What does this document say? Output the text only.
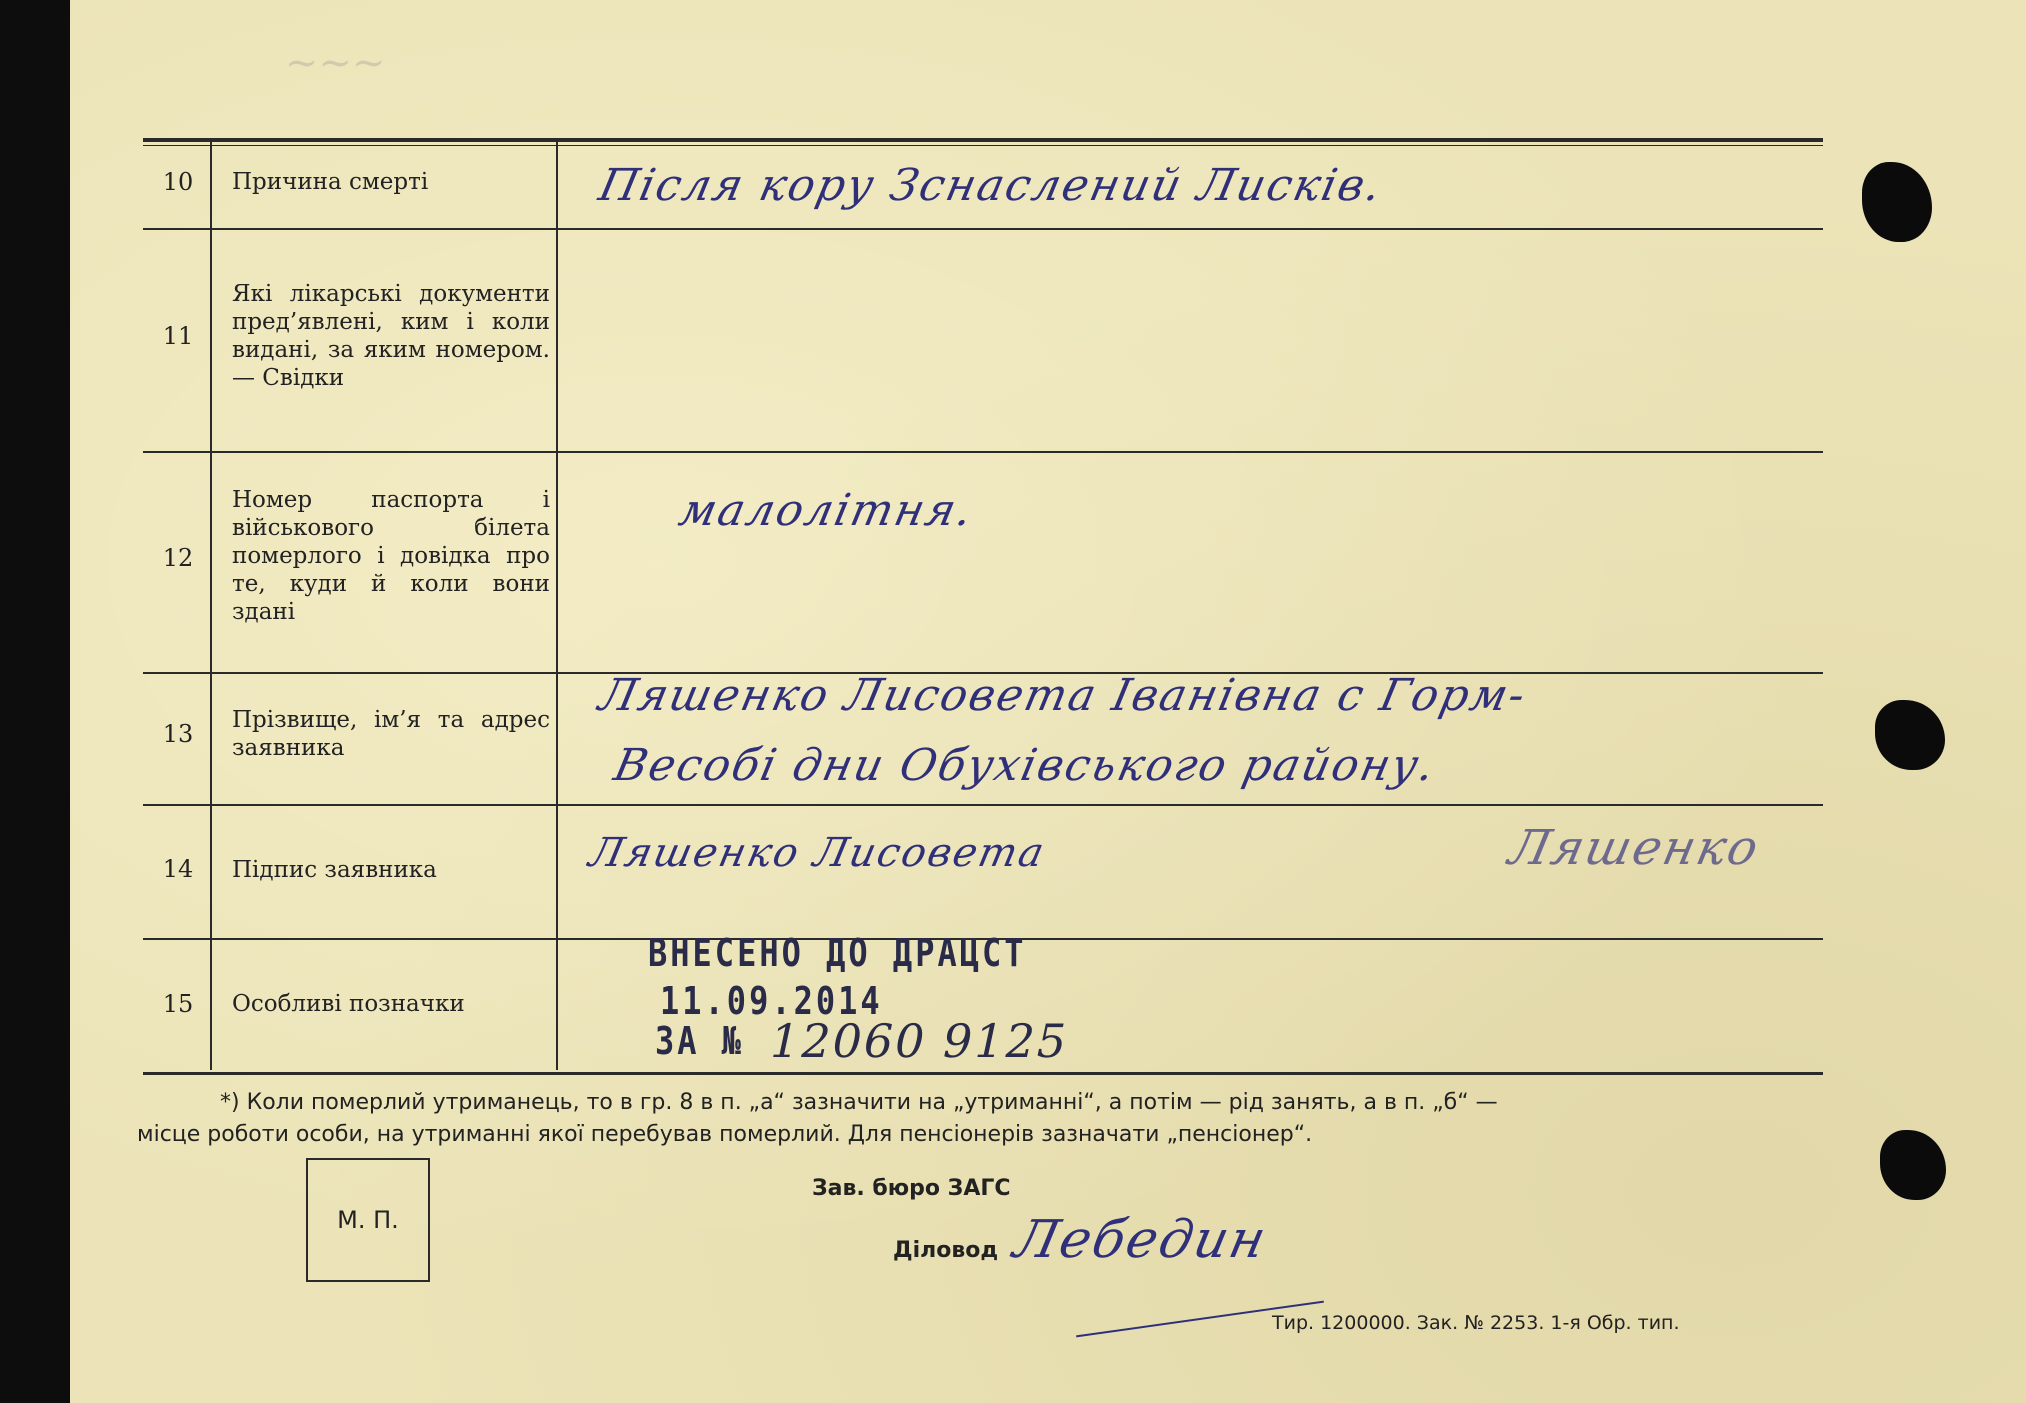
~~~
10
11
12
13
14
15
Причина смерті
Які лікарські документи пред’явлені, ким і коли видані, за яким номером. — Свідки
Номер паспорта і військового білета померлого і довідка про те, куди й коли вони здані
Прізвище, ім’я та адрес заявника
Підпис заявника
Особливі позначки
Після кору Зснаслений Лисків.
малолітня.
Ляшенко Лисовета Іванівна с Горм-
Весобі дни Обухівського району.
Ляшенко Лисовета	Ляшенко
ВНЕСЕНО ДО ДРАЦСТ
11.09.2014
ЗА № 12060 9125
*) Коли померлий утриманець, то в гр. 8 в п. „а“ зазначити на „утриманні“, а потім — рід занять, а в п. „б“ —
місце роботи особи, на утриманні якої перебував померлий. Для пенсіонерів зазначати „пенсіонер“.
М. П.
Зав. бюро ЗАГС
Діловод Лебедин
Тир. 1200000. Зак. № 2253. 1-я Обр. тип.
